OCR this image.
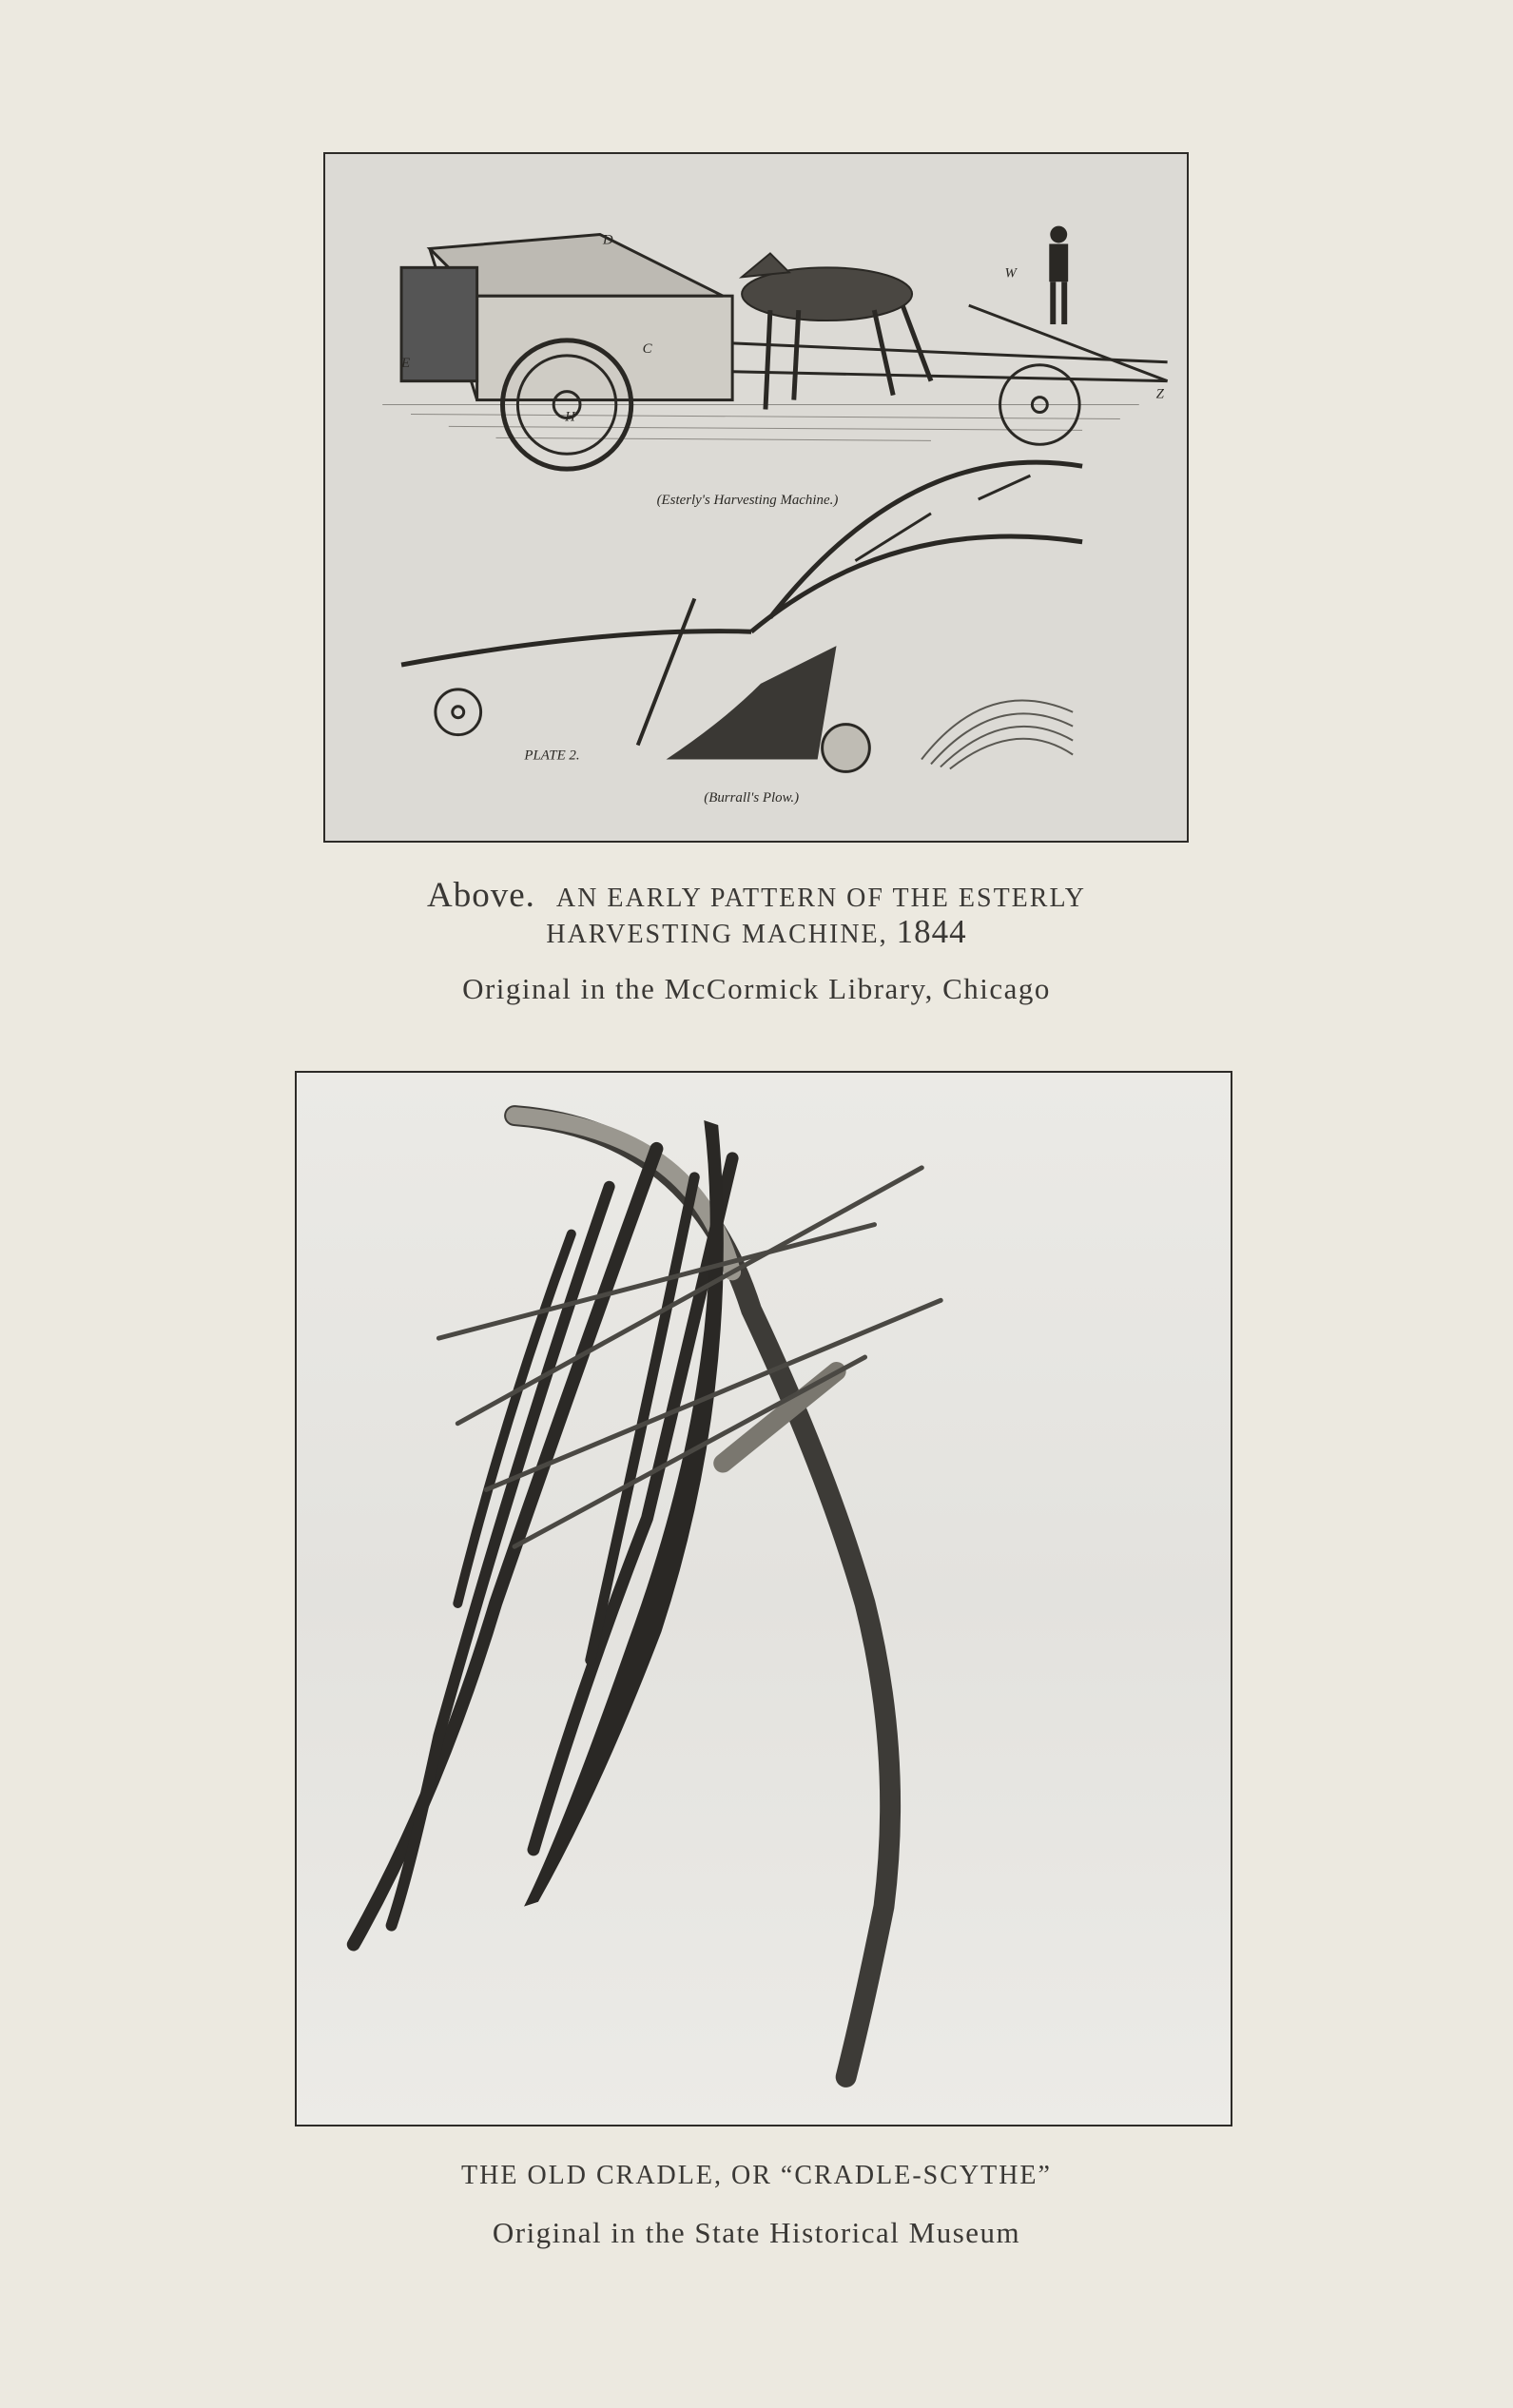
C
D
E
H
W
Z
(Esterly's Harvesting Machine.)
PLATE 2.
(Burrall's Plow.)
Above. AN EARLY PATTERN OF THE ESTERLY
HARVESTING MACHINE, 1844
Original in the McCormick Library, Chicago
THE OLD CRADLE, OR “CRADLE-SCYTHE”
Original in the State Historical Museum
